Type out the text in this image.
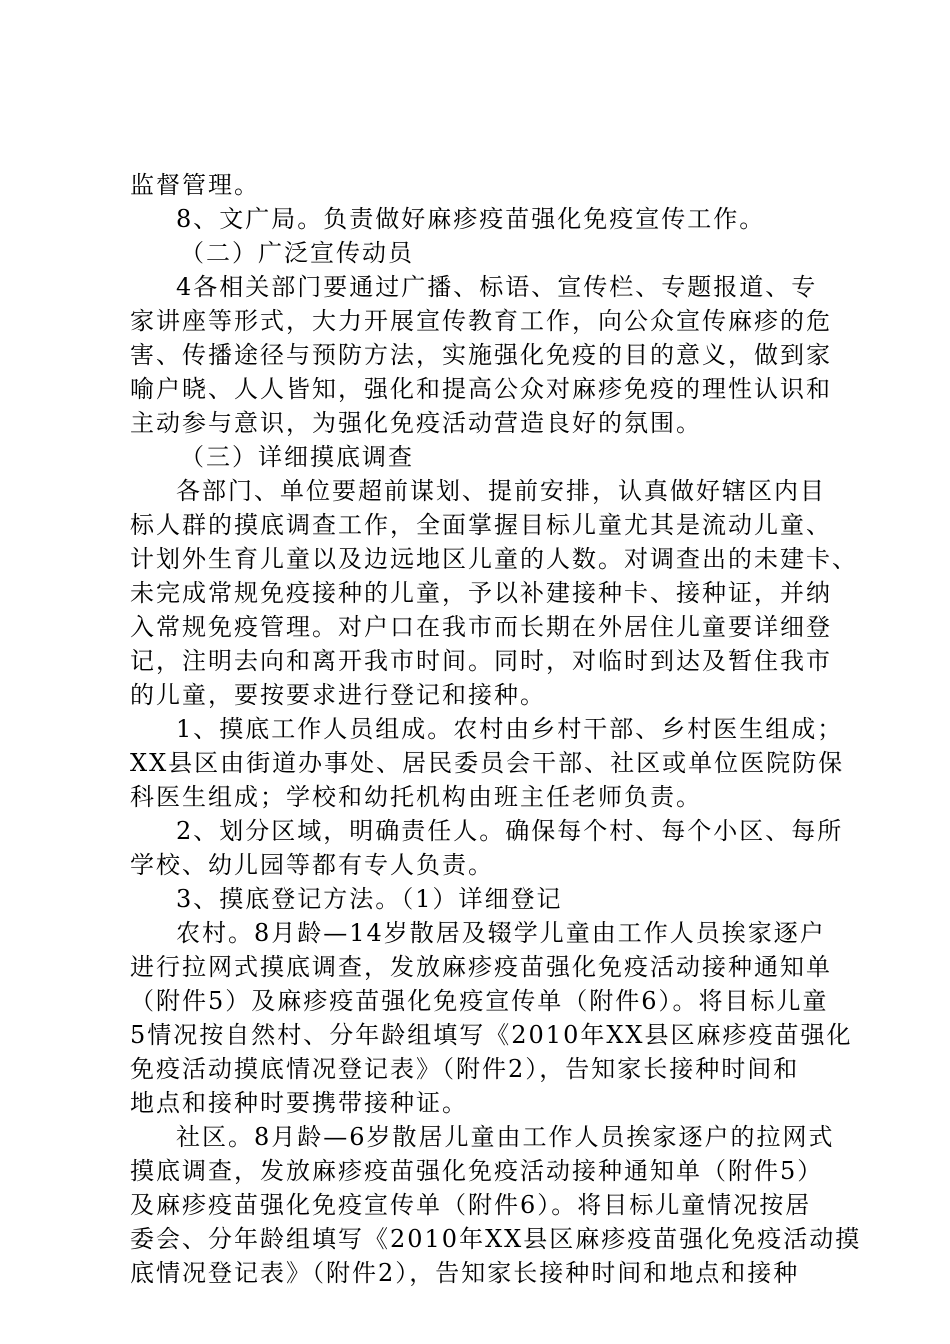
监督管理。
8、文广局。负责做好麻疹疫苗强化免疫宣传工作。
（二）广泛宣传动员
4各相关部门要通过广播、标语、宣传栏、专题报道、专
家讲座等形式，大力开展宣传教育工作，向公众宣传麻疹的危
害、传播途径与预防方法，实施强化免疫的目的意义，做到家
喻户晓、人人皆知，强化和提高公众对麻疹免疫的理性认识和
主动参与意识，为强化免疫活动营造良好的氛围。
（三）详细摸底调查
各部门、单位要超前谋划、提前安排，认真做好辖区内目
标人群的摸底调查工作，全面掌握目标儿童尤其是流动儿童、
计划外生育儿童以及边远地区儿童的人数。对调查出的未建卡、
未完成常规免疫接种的儿童，予以补建接种卡、接种证，并纳
入常规免疫管理。对户口在我市而长期在外居住儿童要详细登
记，注明去向和离开我市时间。同时，对临时到达及暂住我市
的儿童，要按要求进行登记和接种。
1、摸底工作人员组成。农村由乡村干部、乡村医生组成；
XX县区由街道办事处、居民委员会干部、社区或单位医院防保
科医生组成；学校和幼托机构由班主任老师负责。
2、划分区域，明确责任人。确保每个村、每个小区、每所
学校、幼儿园等都有专人负责。
3、摸底登记方法。（1）详细登记
农村。8月龄—14岁散居及辍学儿童由工作人员挨家逐户
进行拉网式摸底调查，发放麻疹疫苗强化免疫活动接种通知单
（附件5）及麻疹疫苗强化免疫宣传单（附件6）。将目标儿童
5情况按自然村、分年龄组填写《2010年XX县区麻疹疫苗强化
免疫活动摸底情况登记表》（附件2），告知家长接种时间和
地点和接种时要携带接种证。
社区。8月龄—6岁散居儿童由工作人员挨家逐户的拉网式
摸底调查，发放麻疹疫苗强化免疫活动接种通知单（附件5）
及麻疹疫苗强化免疫宣传单（附件6）。将目标儿童情况按居
委会、分年龄组填写《2010年XX县区麻疹疫苗强化免疫活动摸
底情况登记表》（附件2），告知家长接种时间和地点和接种
